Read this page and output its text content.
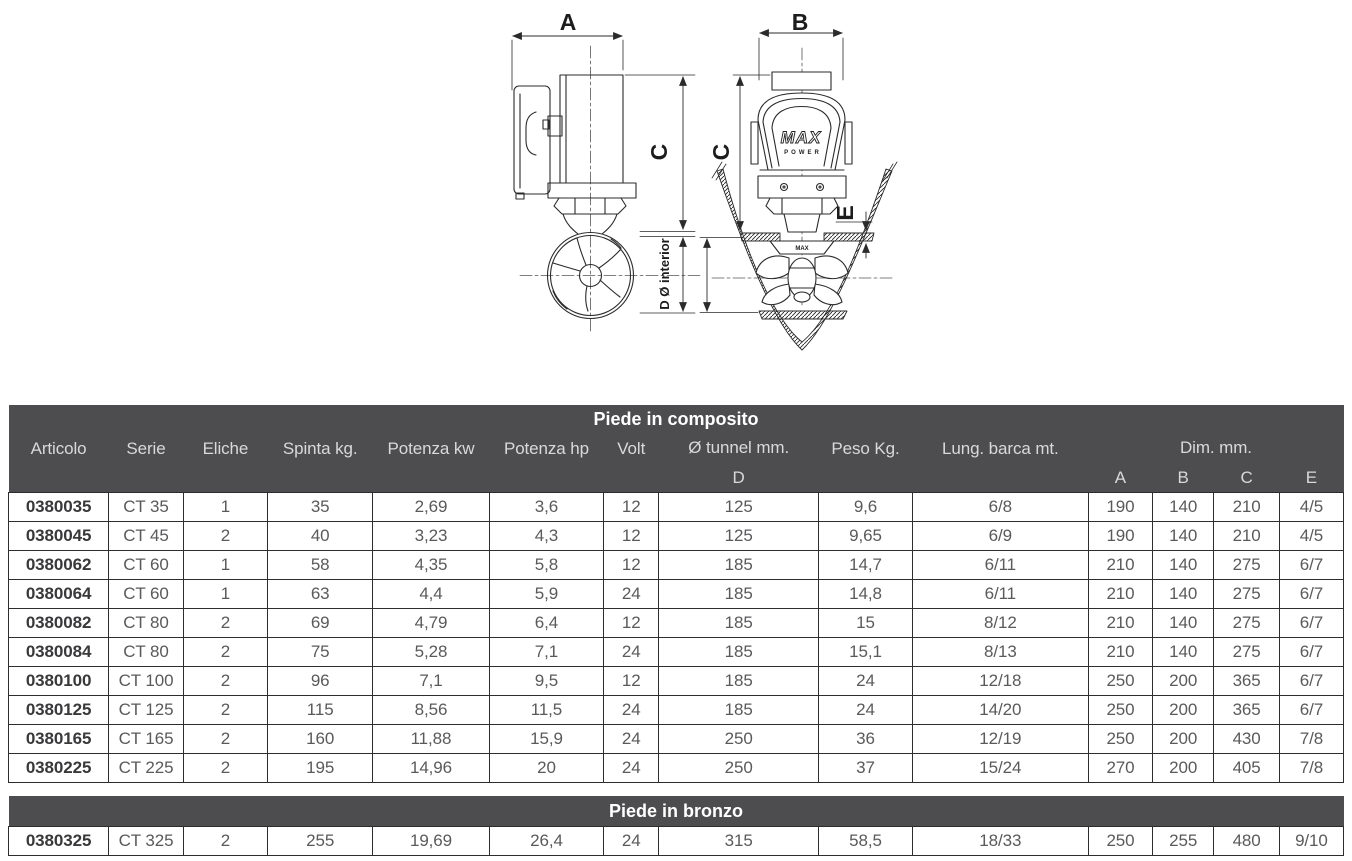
A
C
D Ø interior
B
MAX
POWER
MAX
C
E
Piede in composito													
Articolo	Serie	Eliche	Spinta kg.	Potenza kw	Potenza hp	Volt	Ø tunnel mm.	Peso Kg.	Lung. barca mt.	Dim. mm.			
							D			A	B	C	E
0380035	CT 35	1	35	2,69	3,6	12	125	9,6	6/8	190	140	210	4/5
0380045	CT 45	2	40	3,23	4,3	12	125	9,65	6/9	190	140	210	4/5
0380062	CT 60	1	58	4,35	5,8	12	185	14,7	6/11	210	140	275	6/7
0380064	CT 60	1	63	4,4	5,9	24	185	14,8	6/11	210	140	275	6/7
0380082	CT 80	2	69	4,79	6,4	12	185	15	8/12	210	140	275	6/7
0380084	CT 80	2	75	5,28	7,1	24	185	15,1	8/13	210	140	275	6/7
0380100	CT 100	2	96	7,1	9,5	12	185	24	12/18	250	200	365	6/7
0380125	CT 125	2	115	8,56	11,5	24	185	24	14/20	250	200	365	6/7
0380165	CT 165	2	160	11,88	15,9	24	250	36	12/19	250	200	430	7/8
0380225	CT 225	2	195	14,96	20	24	250	37	15/24	270	200	405	7/8
Piede in bronzo
0380325	CT 325	2	255	19,69	26,4	24	315	58,5	18/33	250	255	480	9/10
